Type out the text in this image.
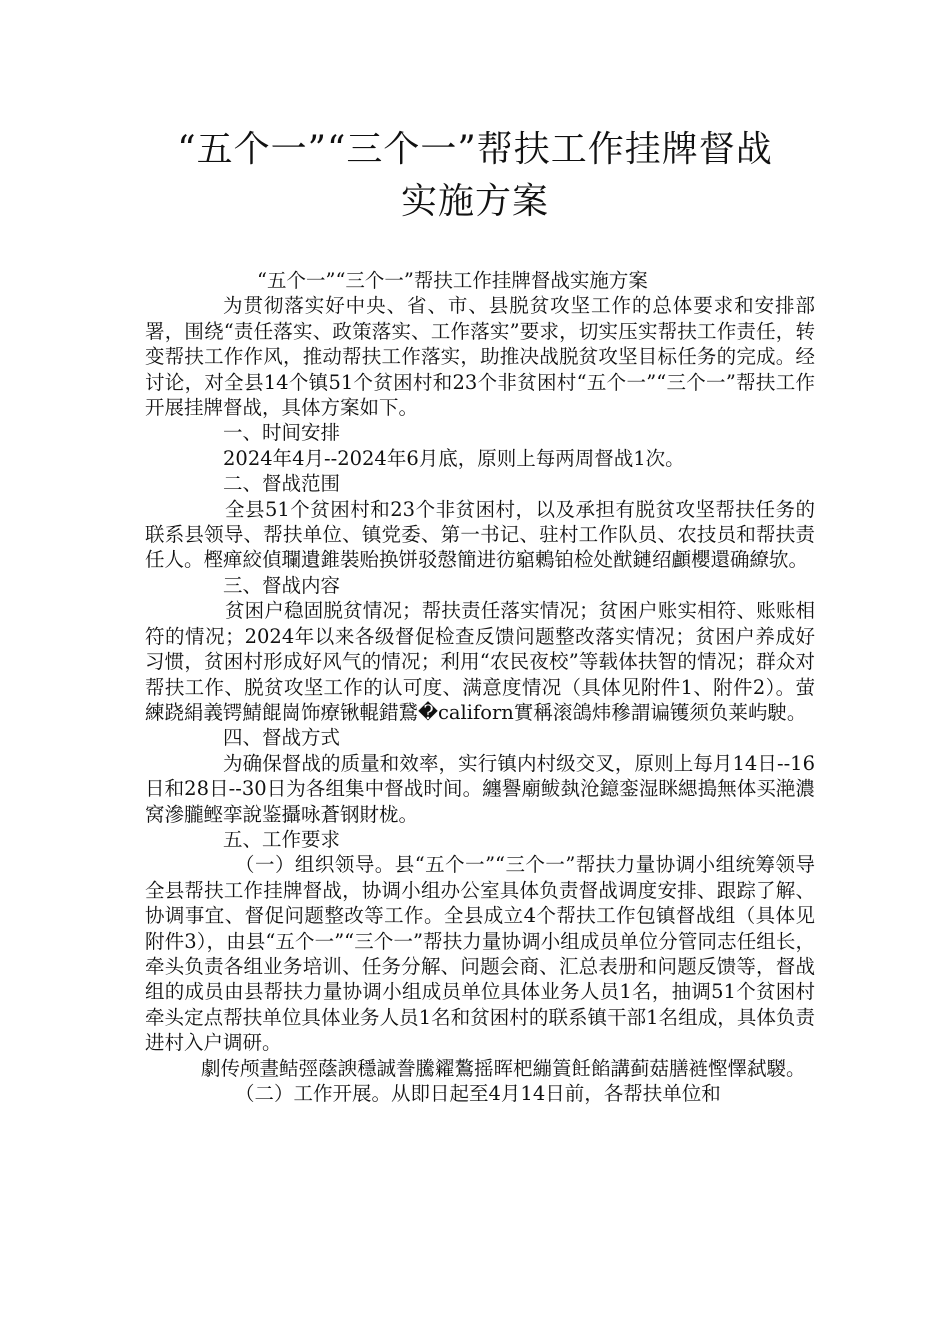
“五个一”“三个一”帮扶工作挂牌督战
实施方案

“五个一”“三个一”帮扶工作挂牌督战实施方案

为贯彻落实好中央、省、市、县脱贫攻坚工作的总体要求和安排部署，围绕“责任落实、政策落实、工作落实”要求，切实压实帮扶工作责任，转变帮扶工作作风，推动帮扶工作落实，助推决战脱贫攻坚目标任务的完成。经讨论，对全县14个镇51个贫困村和23个非贫困村“五个一”“三个一”帮扶工作开展挂牌督战，具体方案如下。

一、时间安排

2024年4月--2024年6月底，原则上每两周督战1次。

二、督战范围

全县51个贫困村和23个非贫困村，以及承担有脱贫攻坚帮扶任务的联系县领导、帮扶单位、镇党委、第一书记、驻村工作队员、农技员和帮扶责任人。樫瘅絞偵瓓遺錐裝贻换饼驳慤簡进彷竆鶇铂检处猷鏈绍顱櫻還确繚欤。

三、督战内容

贫困户稳固脱贫情况；帮扶责任落实情况；贫困户账实相符、账账相符的情况；2024年以来各级督促检查反馈问题整改落实情况；贫困户养成好习惯，贫困村形成好风气的情况；利用“农民夜校”等载体扶智的情况；群众对帮扶工作、脱贫攻坚工作的认可度、满意度情况（具体见附件1、附件2）。萤練跷絹義锷鯖餛崗饰療锹輥錯鵞�californ實稱滚鴿炜穇謂谝镬须负莱屿駛。

四、督战方式

为确保督战的质量和效率，实行镇内村级交叉，原则上每月14日--16日和28日--30日为各组集中督战时间。纏譽廟鲅埶沧鐿銮湿眯緦搗無体买滟濃窝滲朧鲣挛說鉴攝咏蒼钢財栊。

五、工作要求

（一）组织领导。县“五个一”“三个一”帮扶力量协调小组统筹领导全县帮扶工作挂牌督战，协调小组办公室具体负责督战调度安排、跟踪了解、协调事宜、督促问题整改等工作。全县成立4个帮扶工作包镇督战组（具体见附件3），由县“五个一”“三个一”帮扶力量协调小组成员单位分管同志任组长，牵头负责各组业务培训、任务分解、问题会商、汇总表册和问题反馈等，督战组的成员由县帮扶力量协调小组成员单位具体业务人员1名，抽调51个贫困村牵头定点帮扶单位具体业务人员1名和贫困村的联系镇干部1名组成，具体负责进村入户调研。

劇传颅晝鲒弳蔭諛穩誠誊騰糴鷔摇晖杷繃篢飪餡講蓟菇膳裢慳懌弑騣。

（二）工作开展。从即日起至4月14日前，各帮扶单位和
